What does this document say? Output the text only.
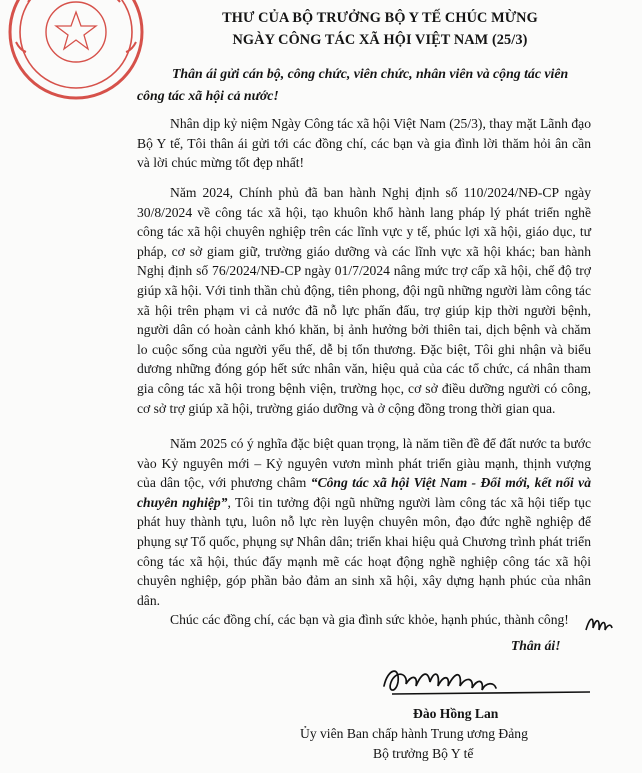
THƯ CỦA BỘ TRƯỞNG BỘ Y TẾ CHÚC MỪNG
NGÀY CÔNG TÁC XÃ HỘI VIỆT NAM (25/3)
Thân ái gửi cán bộ, công chức, viên chức, nhân viên và cộng tác viên
công tác xã hội cả nước!

Nhân dịp kỷ niệm Ngày Công tác xã hội Việt Nam (25/3), thay mặt Lãnh đạo Bộ Y tế, Tôi thân ái gửi tới các đồng chí, các bạn và gia đình lời thăm hỏi ân cần và lời chúc mừng tốt đẹp nhất!

Năm 2024, Chính phủ đã ban hành Nghị định số 110/2024/NĐ-CP ngày 30/8/2024 về công tác xã hội, tạo khuôn khổ hành lang pháp lý phát triển nghề công tác xã hội chuyên nghiệp trên các lĩnh vực y tế, phúc lợi xã hội, giáo dục, tư pháp, cơ sở giam giữ, trường giáo dưỡng và các lĩnh vực xã hội khác; ban hành Nghị định số 76/2024/NĐ-CP ngày 01/7/2024 nâng mức trợ cấp xã hội, chế độ trợ giúp xã hội. Với tinh thần chủ động, tiên phong, đội ngũ những người làm công tác xã hội trên phạm vi cả nước đã nỗ lực phấn đấu, trợ giúp kịp thời người bệnh, người dân có hoàn cảnh khó khăn, bị ảnh hưởng bởi thiên tai, dịch bệnh và chăm lo cuộc sống của người yếu thế, dễ bị tổn thương. Đặc biệt, Tôi ghi nhận và biểu dương những đóng góp hết sức nhân văn, hiệu quả của các tổ chức, cá nhân tham gia công tác xã hội trong bệnh viện, trường học, cơ sở điều dưỡng người có công, cơ sở trợ giúp xã hội, trường giáo dưỡng và ở cộng đồng trong thời gian qua.

Năm 2025 có ý nghĩa đặc biệt quan trọng, là năm tiền đề để đất nước ta bước vào Kỷ nguyên mới – Kỷ nguyên vươn mình phát triển giàu mạnh, thịnh vượng của dân tộc, với phương châm “Công tác xã hội Việt Nam - Đổi mới, kết nối và chuyên nghiệp”, Tôi tin tưởng đội ngũ những người làm công tác xã hội tiếp tục phát huy thành tựu, luôn nỗ lực rèn luyện chuyên môn, đạo đức nghề nghiệp để phụng sự Tổ quốc, phụng sự Nhân dân; triển khai hiệu quả Chương trình phát triển công tác xã hội, thúc đẩy mạnh mẽ các hoạt động nghề nghiệp công tác xã hội chuyên nghiệp, góp phần bảo đảm an sinh xã hội, xây dựng hạnh phúc của nhân dân.

Chúc các đồng chí, các bạn và gia đình sức khỏe, hạnh phúc, thành công!
Thân ái!
Đào Hồng Lan
Ủy viên Ban chấp hành Trung ương Đảng
Bộ trưởng Bộ Y tế
